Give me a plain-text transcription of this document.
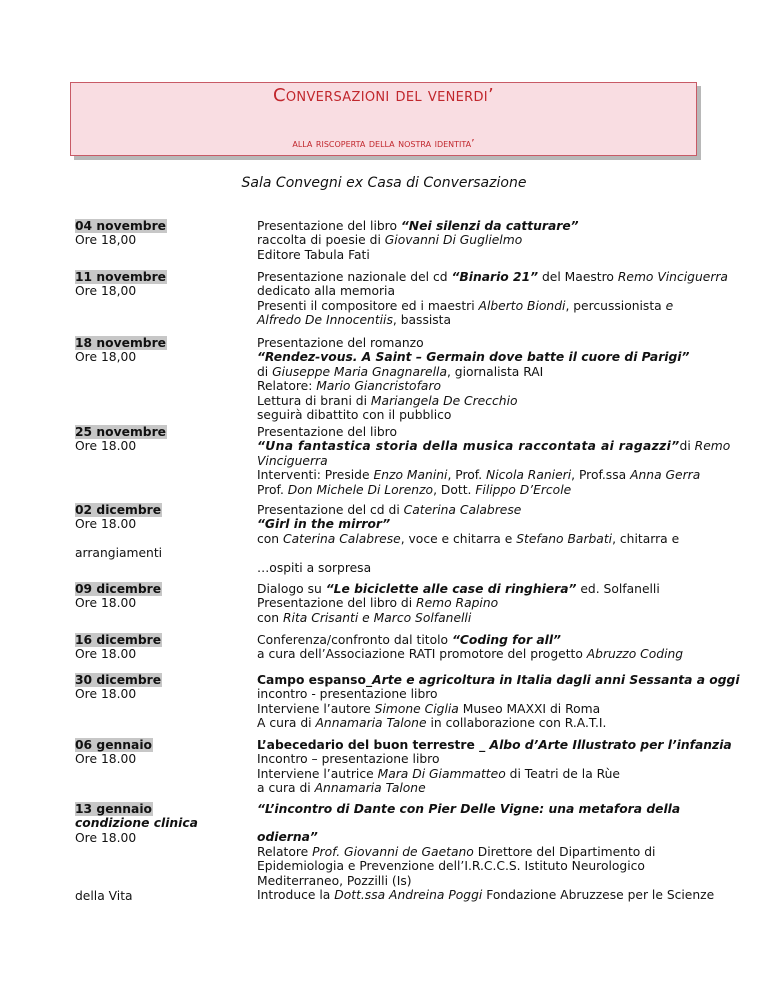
Conversazioni del venerdi’
alla riscoperta della nostra identita’
Sala Convegni ex Casa di Conversazione
04 novembre
Ore 18,00
Presentazione del libro “Nei silenzi da catturare”
raccolta di poesie di Giovanni Di Guglielmo
Editore Tabula Fati
11 novembre
Ore 18,00
Presentazione nazionale del cd “Binario 21” del Maestro Remo Vinciguerra
dedicato alla memoria
Presenti il compositore ed i maestri Alberto Biondi, percussionista e
Alfredo De Innocentiis, bassista
18 novembre
Ore 18,00
Presentazione del romanzo
“Rendez-vous. A Saint – Germain dove batte il cuore di Parigi”
di Giuseppe Maria Gnagnarella, giornalista RAI
Relatore: Mario Giancristofaro
Lettura di brani di Mariangela De Crecchio
seguirà dibattito con il pubblico
25 novembre
Ore 18.00
Presentazione del libro
“Una fantastica storia della musica raccontata ai ragazzi” di Remo
Vinciguerra
Interventi: Preside Enzo Manini, Prof. Nicola Ranieri, Prof.ssa Anna Gerra
Prof. Don Michele Di Lorenzo, Dott. Filippo D’Ercole
02 dicembre
Ore 18.00
arrangiamenti
Presentazione del cd di Caterina Calabrese
“Girl in the mirror”
con Caterina Calabrese, voce e chitarra e Stefano Barbati, chitarra e
…ospiti a sorpresa
09 dicembre
Ore 18.00
Dialogo su “Le biciclette alle case di ringhiera” ed. Solfanelli
Presentazione del libro di Remo Rapino
con Rita Crisanti e Marco Solfanelli
16 dicembre
Ore 18.00
Conferenza/confronto dal titolo “Coding for all”
a cura dell’Associazione RATI promotore del progetto Abruzzo Coding
30 dicembre
Ore 18.00
Campo espanso_Arte e agricoltura in Italia dagli anni Sessanta a oggi
incontro - presentazione libro
Interviene l’autore Simone Ciglia Museo MAXXI di Roma
A cura di Annamaria Talone in collaborazione con R.A.T.I.
06 gennaio
Ore 18.00
L’abecedario del buon terrestre _ Albo d’Arte Illustrato per l’infanzia
Incontro – presentazione libro
Interviene l’autrice Mara Di Giammatteo di Teatri de la Rùe
a cura di Annamaria Talone
13 gennaio
condizione clinica
Ore 18.00
della Vita
“L’incontro di Dante con Pier Delle Vigne: una metafora della
odierna”
Relatore Prof. Giovanni de Gaetano Direttore del Dipartimento di
Epidemiologia e Prevenzione dell’I.R.C.C.S. Istituto Neurologico
Mediterraneo, Pozzilli (Is)
Introduce la Dott.ssa Andreina Poggi Fondazione Abruzzese per le Scienze
